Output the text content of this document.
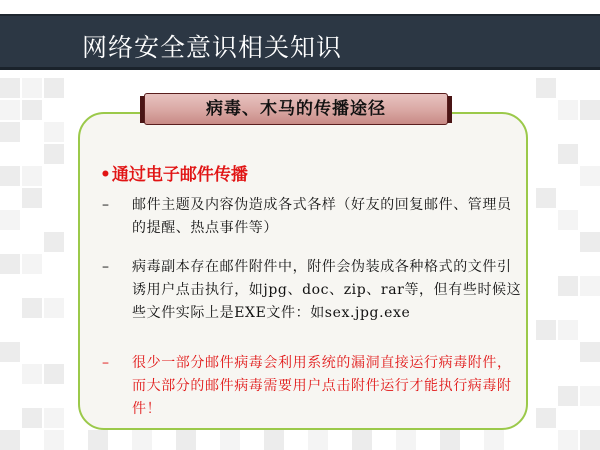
网络安全意识相关知识
病毒、木马的传播途径
•通过电子邮件传播
–	邮件主题及内容伪造成各式各样（好友的回复邮件、管理员的提醒、热点事件等）
–	病毒副本存在邮件附件中，附件会伪装成各种格式的文件引诱用户点击执行，如jpg、doc、zip、rar等，但有些时候这些文件实际上是EXE文件：如sex.jpg.exe
–	很少一部分邮件病毒会利用系统的漏洞直接运行病毒附件，而大部分的邮件病毒需要用户点击附件运行才能执行病毒附件！
